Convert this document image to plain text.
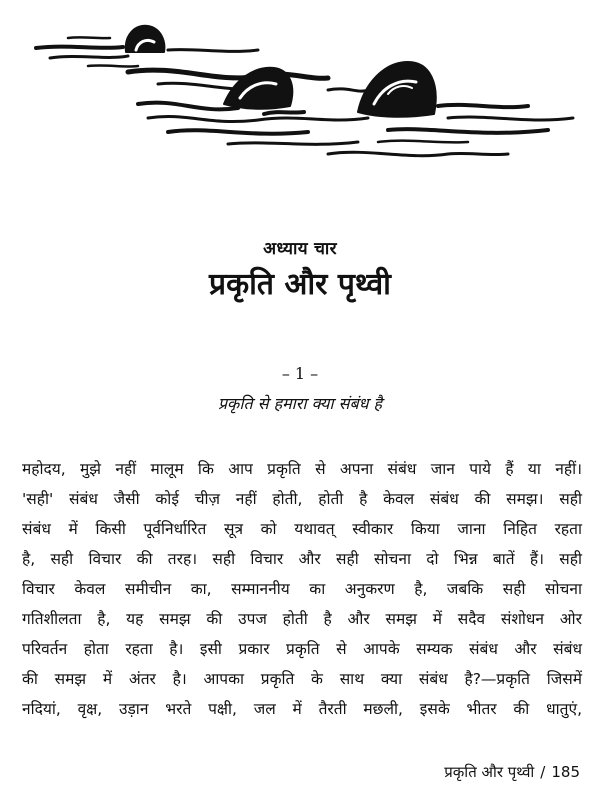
अध्याय चार
प्रकृति और पृथ्वी
– 1 –
प्रकृति से हमारा क्या संबंध है
महोदय, मुझे नहीं मालूम कि आप प्रकृति से अपना संबंध जान पाये हैं या नहीं।
'सही' संबंध जैसी कोई चीज़ नहीं होती, होती है केवल संबंध की समझ। सही
संबंध में किसी पूर्वनिर्धारित सूत्र को यथावत् स्वीकार किया जाना निहित रहता
है, सही विचार की तरह। सही विचार और सही सोचना दो भिन्न बातें हैं। सही
विचार केवल समीचीन का, सम्माननीय का अनुकरण है, जबकि सही सोचना
गतिशीलता है, यह समझ की उपज होती है और समझ में सदैव संशोधन ओर
परिवर्तन होता रहता है। इसी प्रकार प्रकृति से आपके सम्यक संबंध और संबंध
की समझ में अंतर है। आपका प्रकृति के साथ क्या संबंध है?—प्रकृति जिसमें
नदियां, वृक्ष, उड़ान भरते पक्षी, जल में तैरती मछली, इसके भीतर की धातुएं,
प्रकृति और पृथ्वी / 185
